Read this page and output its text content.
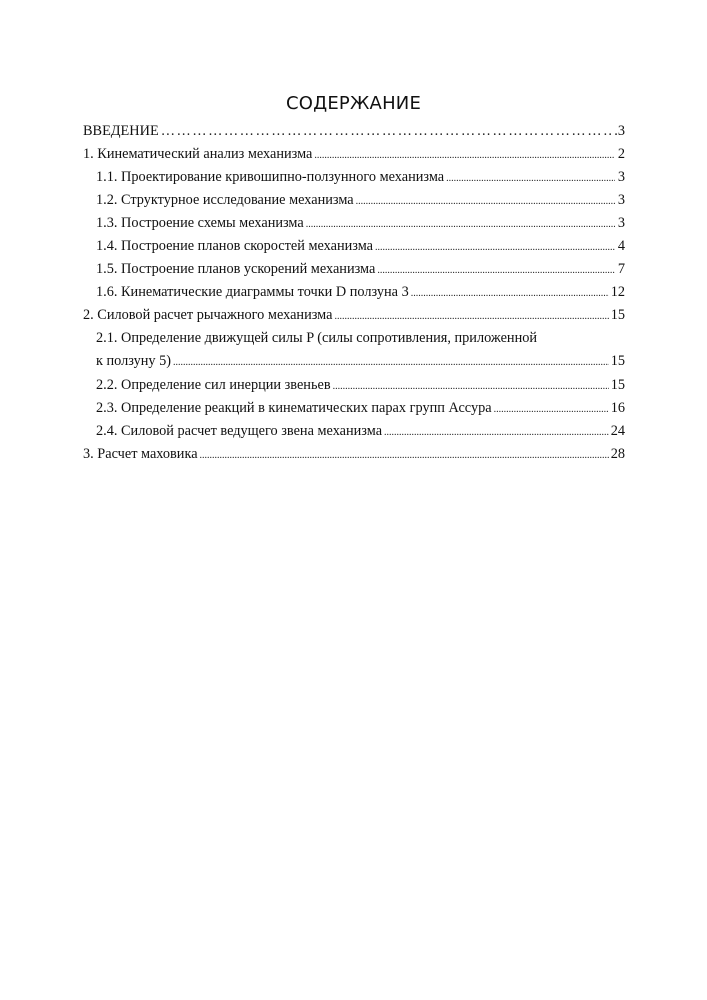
СОДЕРЖАНИЕ
ВВЕДЕНИЕ ……………………………………………………………………………………………………	.3
1. Кинематический анализ механизма .....	2
1.1. Проектирование кривошипно-ползунного механизма .....	3
1.2. Структурное исследование механизма .....	3
1.3. Построение схемы механизма .....	3
1.4. Построение планов скоростей механизма .....	4
1.5. Построение планов ускорений механизма .....	7
1.6. Кинематические диаграммы точки D ползуна 3 .....	12
2. Силовой расчет рычажного механизма .....	15
2.1. Определение движущей силы P (силы сопротивления, приложенной
к ползуну 5) .....	15
2.2. Определение сил инерции звеньев .....	15
2.3. Определение реакций в кинематических парах групп Ассура .....	16
2.4. Силовой расчет ведущего звена механизма .....	24
3. Расчет маховика .....	28
